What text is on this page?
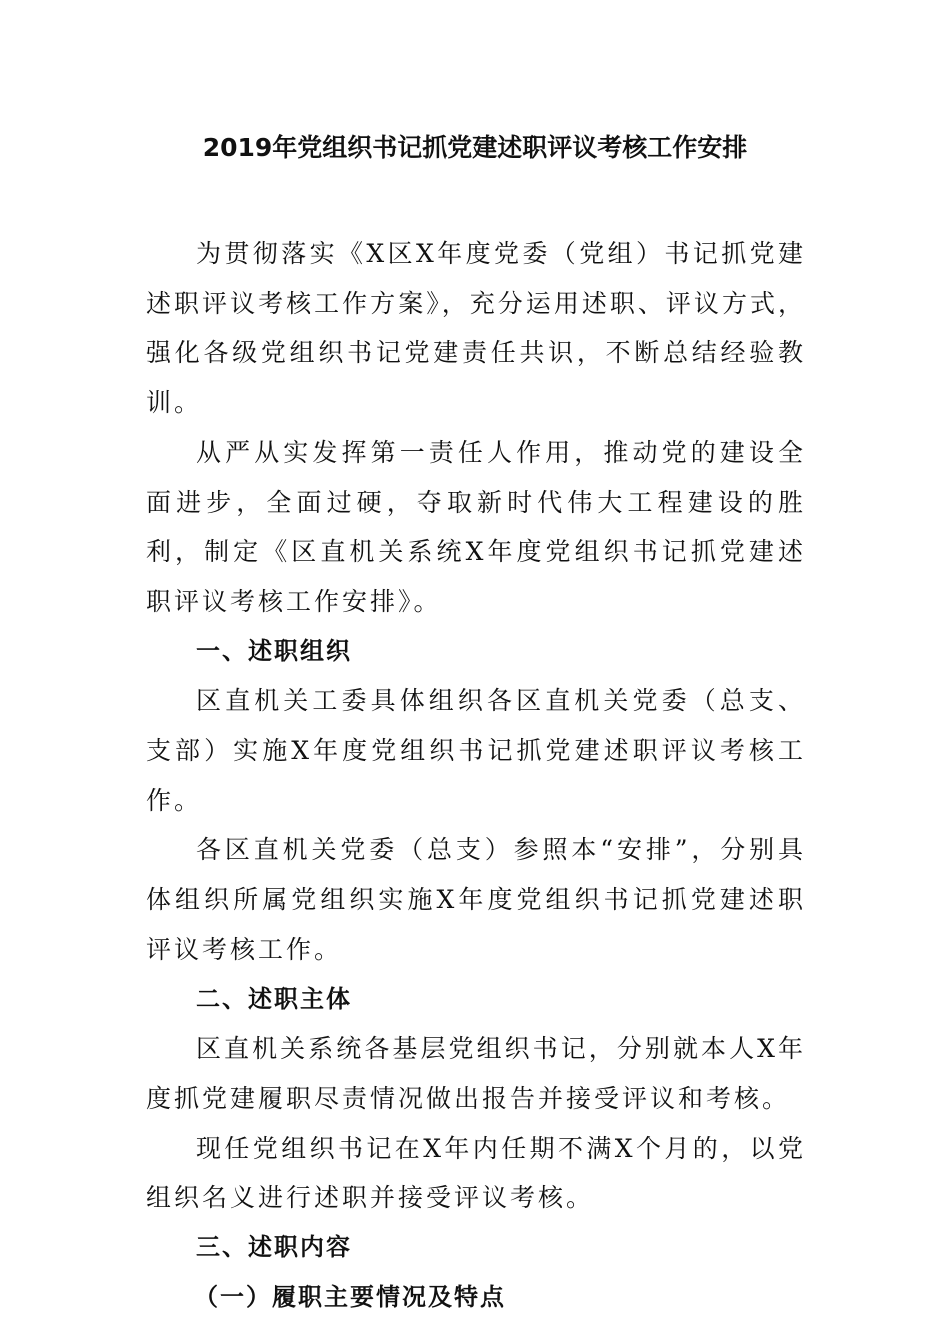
2019年党组织书记抓党建述职评议考核工作安排

为贯彻落实《X区X年度党委（党组）书记抓党建述职评议考核工作方案》，充分运用述职、评议方式，强化各级党组织书记党建责任共识，不断总结经验教训。

从严从实发挥第一责任人作用，推动党的建设全面进步，全面过硬，夺取新时代伟大工程建设的胜利，制定《区直机关系统X年度党组织书记抓党建述职评议考核工作安排》。

一、述职组织

区直机关工委具体组织各区直机关党委（总支、支部）实施X年度党组织书记抓党建述职评议考核工作。

各区直机关党委（总支）参照本“安排”，分别具体组织所属党组织实施X年度党组织书记抓党建述职评议考核工作。

二、述职主体

区直机关系统各基层党组织书记，分别就本人X年度抓党建履职尽责情况做出报告并接受评议和考核。

现任党组织书记在X年内任期不满X个月的，以党组织名义进行述职并接受评议考核。

三、述职内容

（一）履职主要情况及特点
